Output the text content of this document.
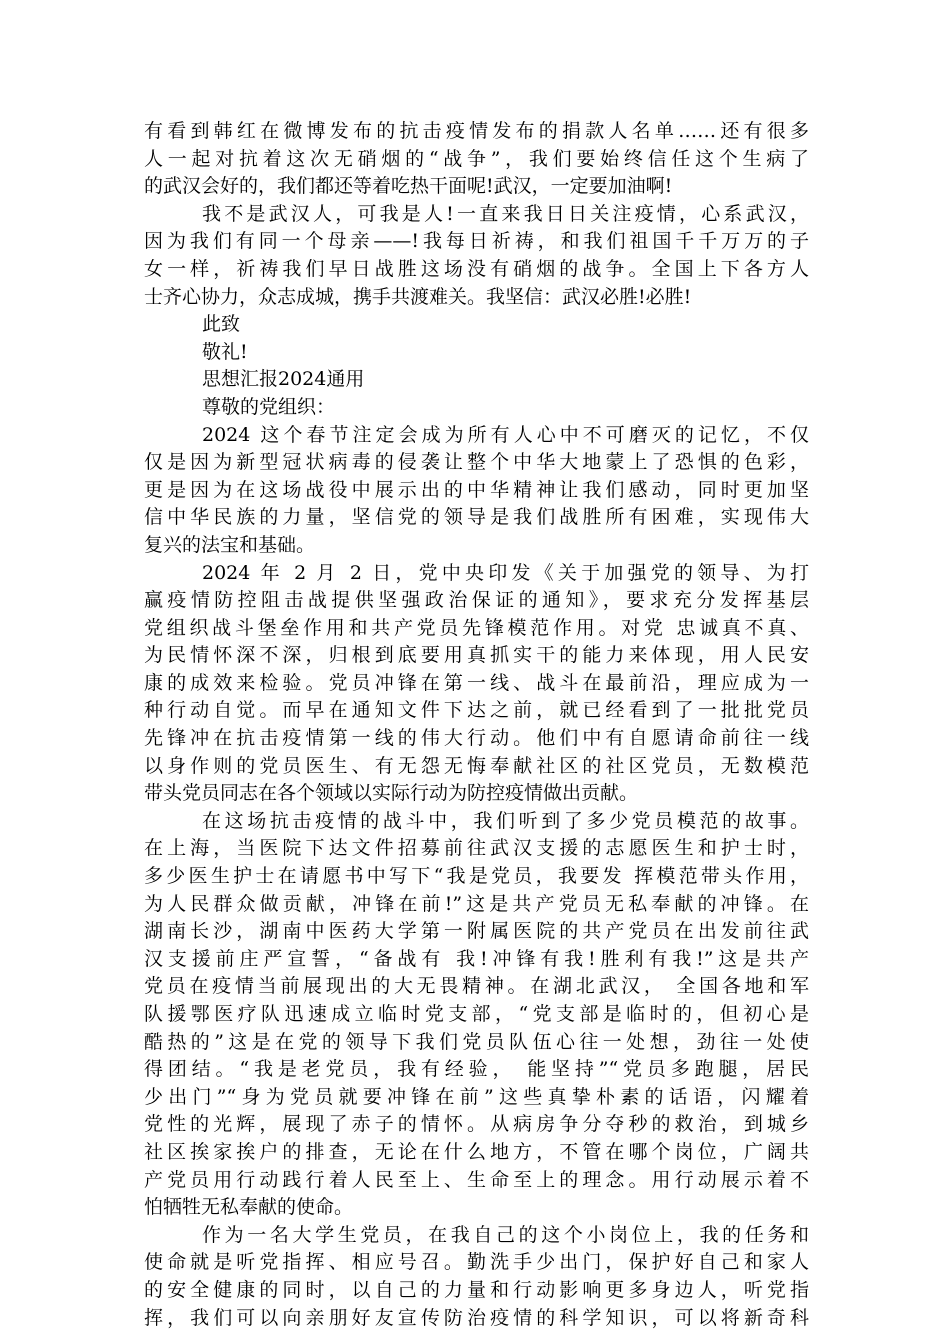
有看到韩红在微博发布的抗击疫情发布的捐款人名单……还有很多
人一起对抗着这次无硝烟的“战争”，我们要始终信任这个生病了
的武汉会好的，我们都还等着吃热干面呢!武汉，一定要加油啊!
我不是武汉人，可我是人!一直来我日日关注疫情，心系武汉，
因为我们有同一个母亲——!我每日祈祷，和我们祖国千千万万的子
女一样，祈祷我们早日战胜这场没有硝烟的战争。全国上下各方人
士齐心协力，众志成城，携手共渡难关。我坚信：武汉必胜!必胜!
此致
敬礼!
思想汇报2024通用
尊敬的党组织：
2024 这个春节注定会成为所有人心中不可磨灭的记忆，不仅
仅是因为新型冠状病毒的侵袭让整个中华大地蒙上了恐惧的色彩，
更是因为在这场战役中展示出的中华精神让我们感动，同时更加坚
信中华民族的力量，坚信党的领导是我们战胜所有困难，实现伟大
复兴的法宝和基础。
2024 年 2 月 2 日，党中央印发《关于加强党的领导、为打
赢疫情防控阻击战提供坚强政治保证的通知》，要求充分发挥基层
党组织战斗堡垒作用和共产党员先锋模范作用。对党 忠诚真不真、
为民情怀深不深，归根到底要用真抓实干的能力来体现，用人民安
康的成效来检验。党员冲锋在第一线、战斗在最前沿，理应成为一
种行动自觉。而早在通知文件下达之前，就已经看到了一批批党员
先锋冲在抗击疫情第一线的伟大行动。他们中有自愿请命前往一线
以身作则的党员医生、有无怨无悔奉献社区的社区党员，无数模范
带头党员同志在各个领域以实际行动为防控疫情做出贡献。
在这场抗击疫情的战斗中，我们听到了多少党员模范的故事。
在上海，当医院下达文件招募前往武汉支援的志愿医生和护士时，
多少医生护士在请愿书中写下“我是党员，我要发 挥模范带头作用，
为人民群众做贡献，冲锋在前!”这是共产党员无私奉献的冲锋。在
湖南长沙，湖南中医药大学第一附属医院的共产党员在出发前往武
汉支援前庄严宣誓，“备战有 我!冲锋有我!胜利有我!”这是共产
党员在疫情当前展现出的大无畏精神。在湖北武汉， 全国各地和军
队援鄂医疗队迅速成立临时党支部，“党支部是临时的，但初心是
酷热的”这是在党的领导下我们党员队伍心往一处想，劲往一处使
得团结。“我是老党员，我有经验， 能坚持”“党员多跑腿，居民
少出门”“身为党员就要冲锋在前”这些真挚朴素的话语，闪耀着
党性的光辉，展现了赤子的情怀。从病房争分夺秒的救治，到城乡
社区挨家挨户的排查，无论在什么地方，不管在哪个岗位，广阔共
产党员用行动践行着人民至上、生命至上的理念。用行动展示着不
怕牺牲无私奉献的使命。
作为一名大学生党员，在我自己的这个小岗位上，我的任务和
使命就是听党指挥、相应号召。勤洗手少出门，保护好自己和家人
的安全健康的同时，以自己的力量和行动影响更多身边人，听党指
挥，我们可以向亲朋好友宣传防治疫情的科学知识，可以将新奇科
